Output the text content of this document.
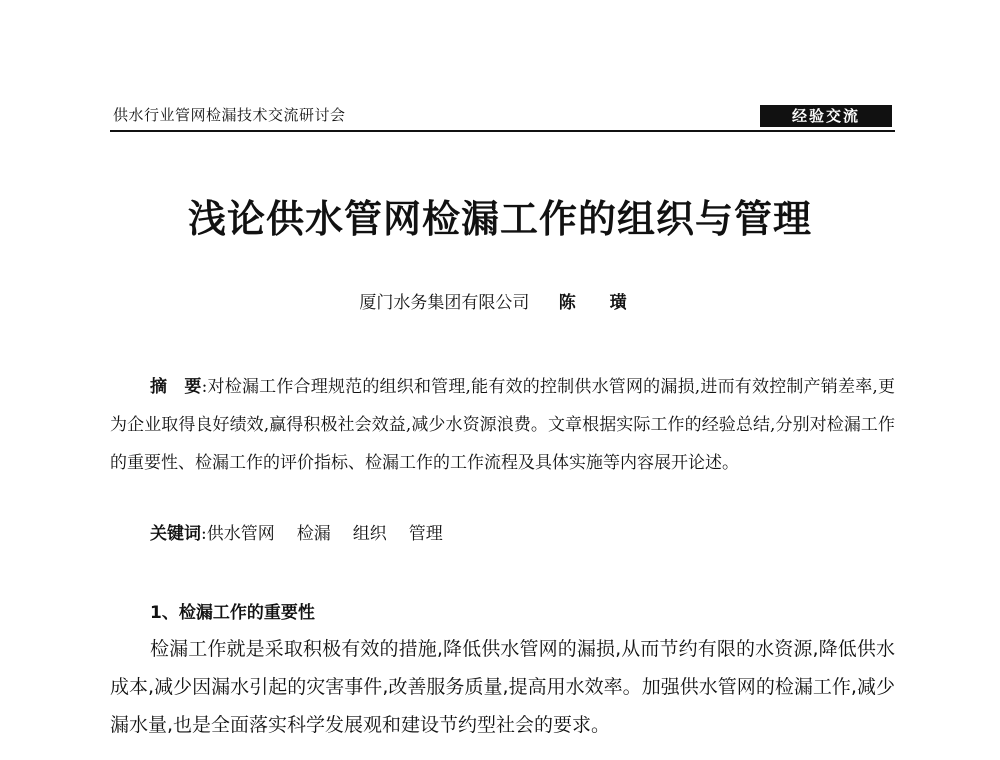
供水行业管网检漏技术交流研讨会	经验交流
浅论供水管网检漏工作的组织与管理
厦门水务集团有限公司 陈 璜

摘　要:对检漏工作合理规范的组织和管理,能有效的控制供水管网的漏损,进而有效控制产销差率,更为企业取得良好绩效,赢得积极社会效益,减少水资源浪费。文章根据实际工作的经验总结,分别对检漏工作的重要性、检漏工作的评价指标、检漏工作的工作流程及具体实施等内容展开论述。

关键词:供水管网 检漏 组织 管理
1、检漏工作的重要性

检漏工作就是采取积极有效的措施,降低供水管网的漏损,从而节约有限的水资源,降低供水成本,减少因漏水引起的灾害事件,改善服务质量,提高用水效率。加强供水管网的检漏工作,减少漏水量,也是全面落实科学发展观和建设节约型社会的要求。
